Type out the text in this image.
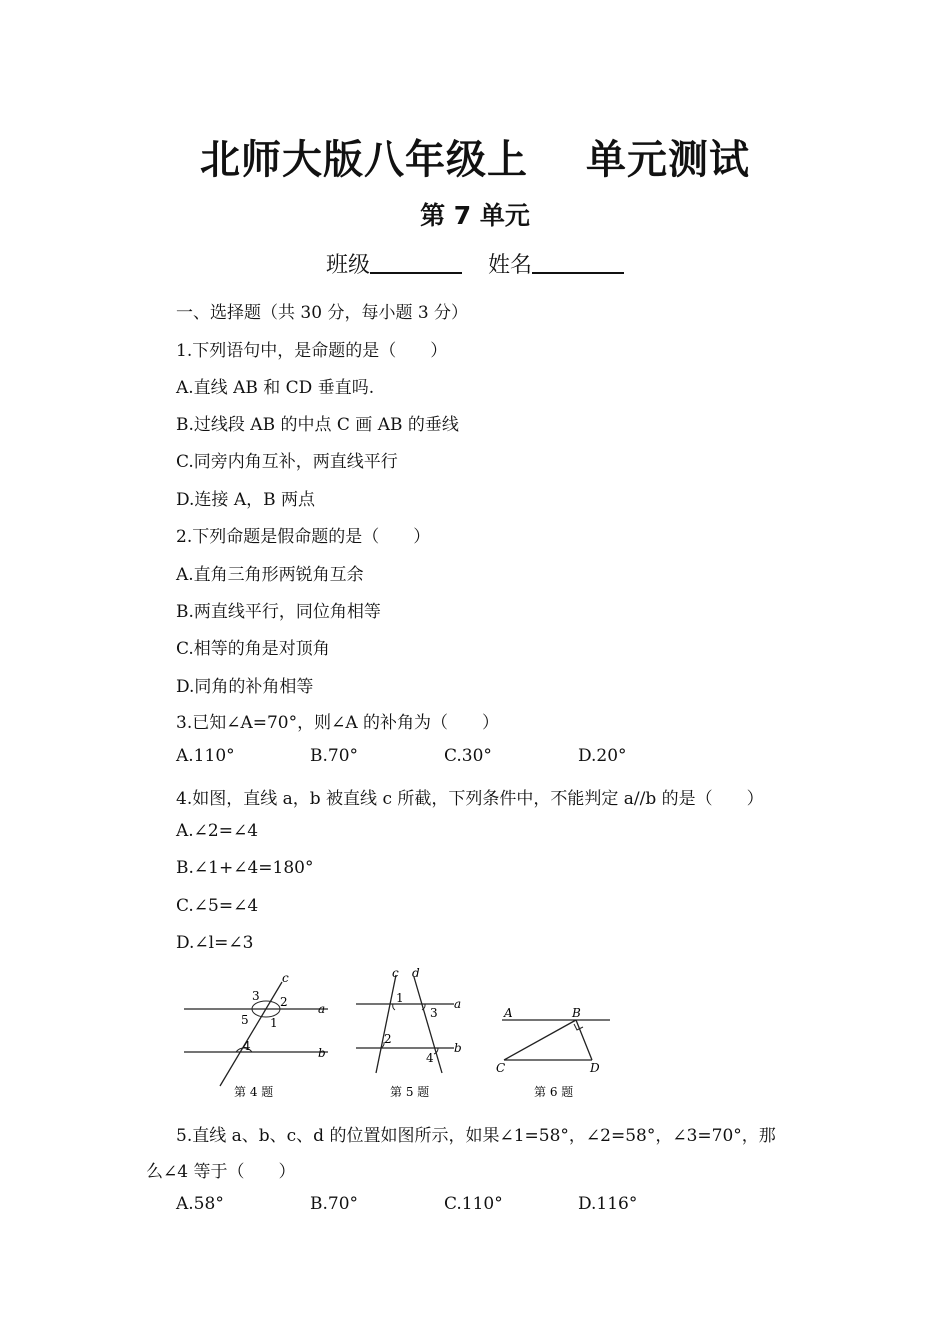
北师大版八年级上 单元测试
第 7 单元
班级	姓名
一、选择题（共 30 分，每小题 3 分）
1.下列语句中，是命题的是（　　）
A.直线 AB 和 CD 垂直吗.
B.过线段 AB 的中点 C 画 AB 的垂线
C.同旁内角互补，两直线平行
D.连接 A，B 两点
2.下列命题是假命题的是（　　）
A.直角三角形两锐角互余
B.两直线平行，同位角相等
C.相等的角是对顶角
D.同角的补角相等
3.已知∠A=70°，则∠A 的补角为（　　）
A.110°	B.70°	C.30°	D.20°
4.如图，直线 a，b 被直线 c 所截，下列条件中，不能判定 a//b 的是（　　）
A.∠2=∠4
B.∠1+∠4=180°
C.∠5=∠4
D.∠l=∠3
c
3 2	a
5 1
4	b
第 4 题
c d
1
3
a
2
4
b
第 5 题
A	B
C	D
第 6 题
5.直线 a、b、c、d 的位置如图所示，如果∠1=58°，∠2=58°，∠3=70°，那
么∠4 等于（　　）
A.58°	B.70°	C.110°	D.116°
